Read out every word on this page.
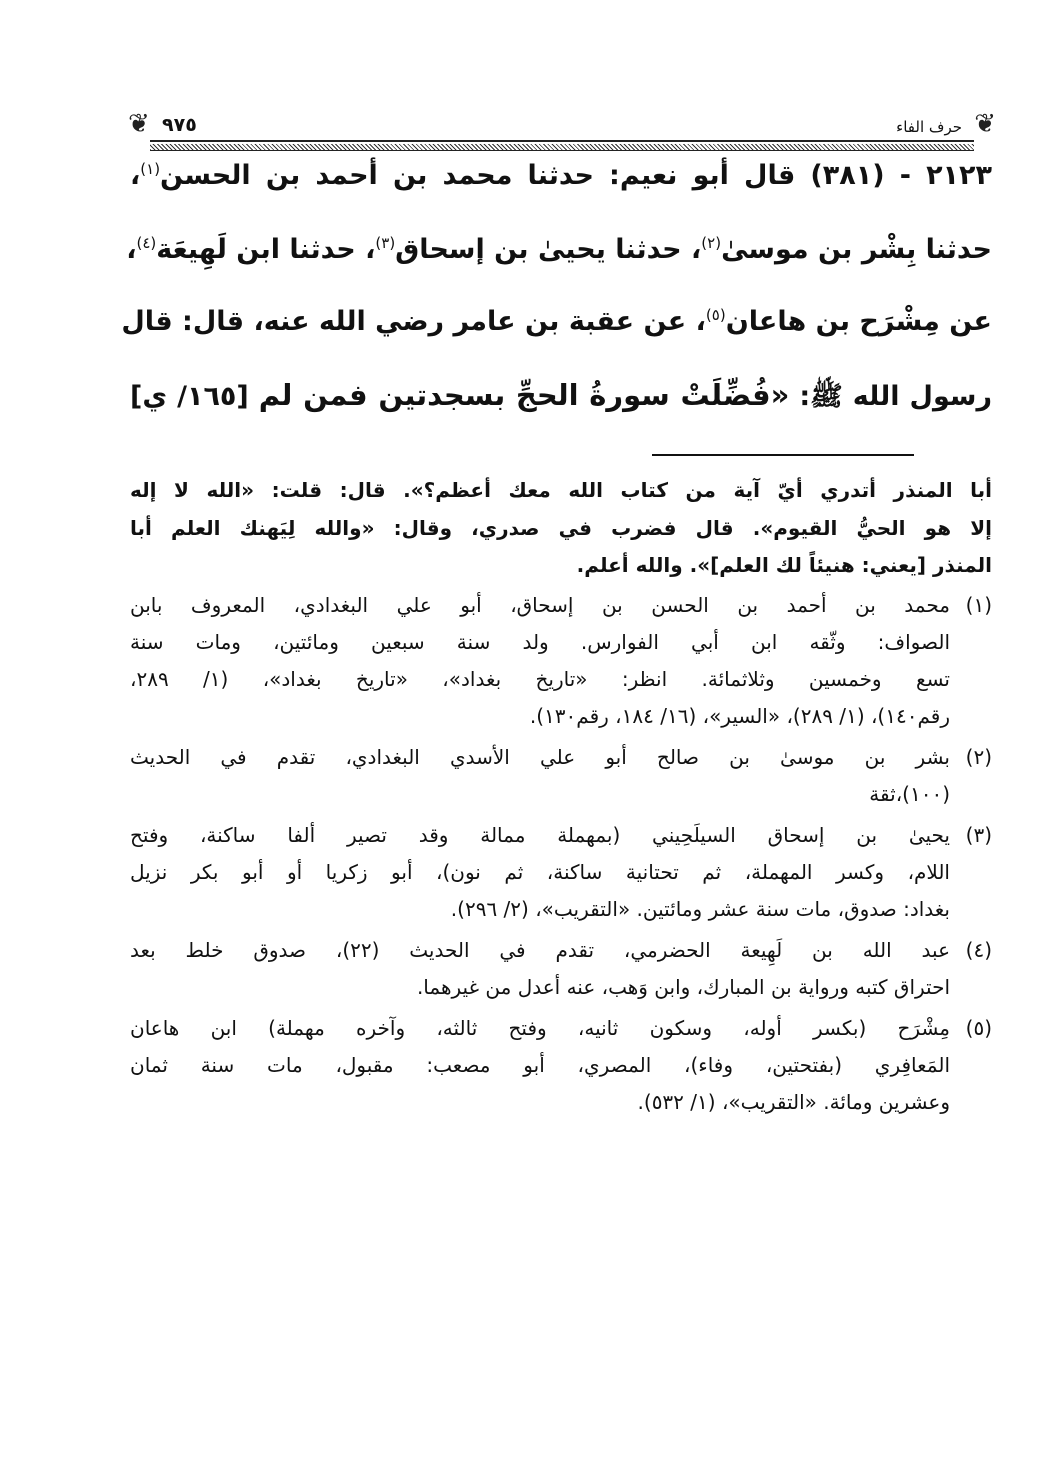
❦
حرف الفاء
٩٧٥
❦
٢١٢٣ - (٣٨١) قال أبو نعيم: حدثنا محمد بن أحمد بن الحسن$^{(١)}$،
حدثنا بِشْر بن موسىٰ$^{(٢)}$، حدثنا يحيىٰ بن إسحاق$^{(٣)}$، حدثنا ابن لَهِيعَة$^{(٤)}$،
عن مِشْرَح بن هاعان$^{(٥)}$، عن عقبة بن عامر رضي الله عنه، قال: قال
رسول الله ﷺ: «فُضِّلَتْ سورةُ الحجِّ بسجدتين فمن لم [١٦٥/ ي]
أبا المنذر أتدري أيّ آية من كتاب الله معك أعظم؟». قال: قلت: «الله لا إله
إلا هو الحيُّ القيوم». قال فضرب في صدري، وقال: «والله لِيَهنك العلم أبا
المنذر [يعني: هنيئاً لك العلم]». والله أعلم.
(١)
محمد بن أحمد بن الحسن بن إسحاق، أبو علي البغدادي، المعروف بابن
الصواف: وثّقه ابن أبي الفوارس. ولد سنة سبعين ومائتين، ومات سنة
تسع وخمسين وثلاثمائة. انظر: «تاريخ بغداد»، «تاريخ بغداد»، (١/ ٢٨٩،
رقم١٤٠)، (١/ ٢٨٩)، «السير»، (١٦/ ١٨٤، رقم١٣٠).
(٢)
بشر بن موسىٰ بن صالح أبو علي الأسدي البغدادي، تقدم في الحديث
(١٠٠)،ثقة
(٣)
يحيىٰ بن إسحاق السيلَحِيني (بمهملة ممالة وقد تصير ألفا ساكنة، وفتح
اللام، وكسر المهملة، ثم تحتانية ساكنة، ثم نون)، أبو زكريا أو أبو بكر نزيل
بغداد: صدوق، مات سنة عشر ومائتين. «التقريب»، (٢/ ٢٩٦).
(٤)
عبد الله بن لَهِيعة الحضرمي، تقدم في الحديث (٢٢)، صدوق خلط بعد
احتراق كتبه ورواية بن المبارك، وابن وَهب، عنه أعدل من غيرهما.
(٥)
مِشْرَح (بكسر أوله، وسكون ثانيه، وفتح ثالثه، وآخره مهملة) ابن هاعان
المَعافِري (بفتحتين، وفاء)، المصري، أبو مصعب: مقبول، مات سنة ثمان
وعشرين ومائة. «التقريب»، (١/ ٥٣٢).
